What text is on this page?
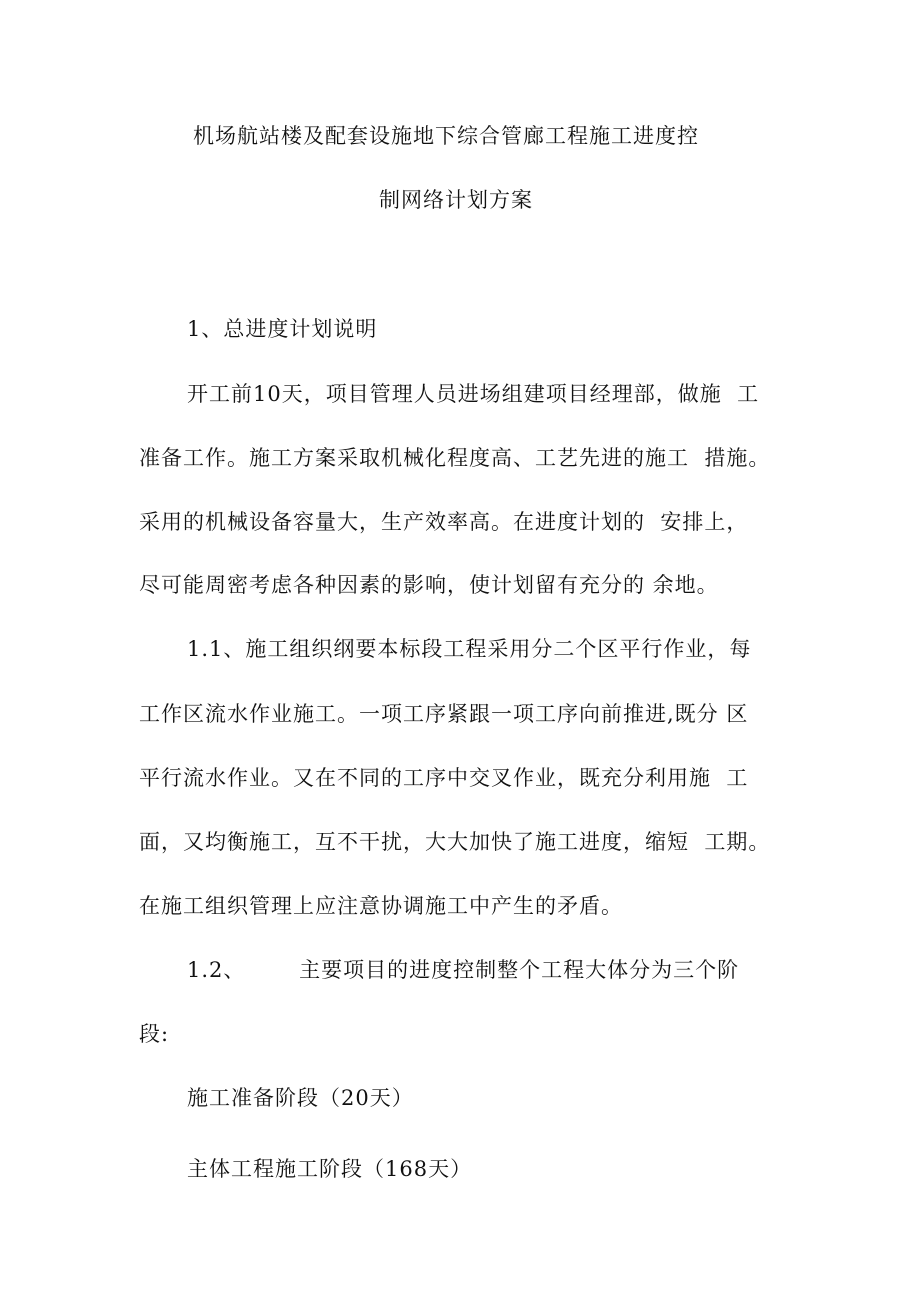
机场航站楼及配套设施地下综合管廊工程施工进度控
制网络计划方案
1、总进度计划说明
开工前10天，项目管理人员进场组建项目经理部，做施  工
准备工作。施工方案采取机械化程度高、工艺先进的施工  措施。
采用的机械设备容量大，生产效率高。在进度计划的  安排上，
尽可能周密考虑各种因素的影响，使计划留有充分的 余地。
1.1、施工组织纲要本标段工程采用分二个区平行作业，每
工作区流水作业施工。一项工序紧跟一项工序向前推进,既分 区
平行流水作业。又在不同的工序中交叉作业，既充分利用施  工
面，又均衡施工，互不干扰，大大加快了施工进度，缩短  工期。
在施工组织管理上应注意协调施工中产生的矛盾。
1.2、       主要项目的进度控制整个工程大体分为三个阶
段:
施工准备阶段（20天）
主体工程施工阶段（168天）
